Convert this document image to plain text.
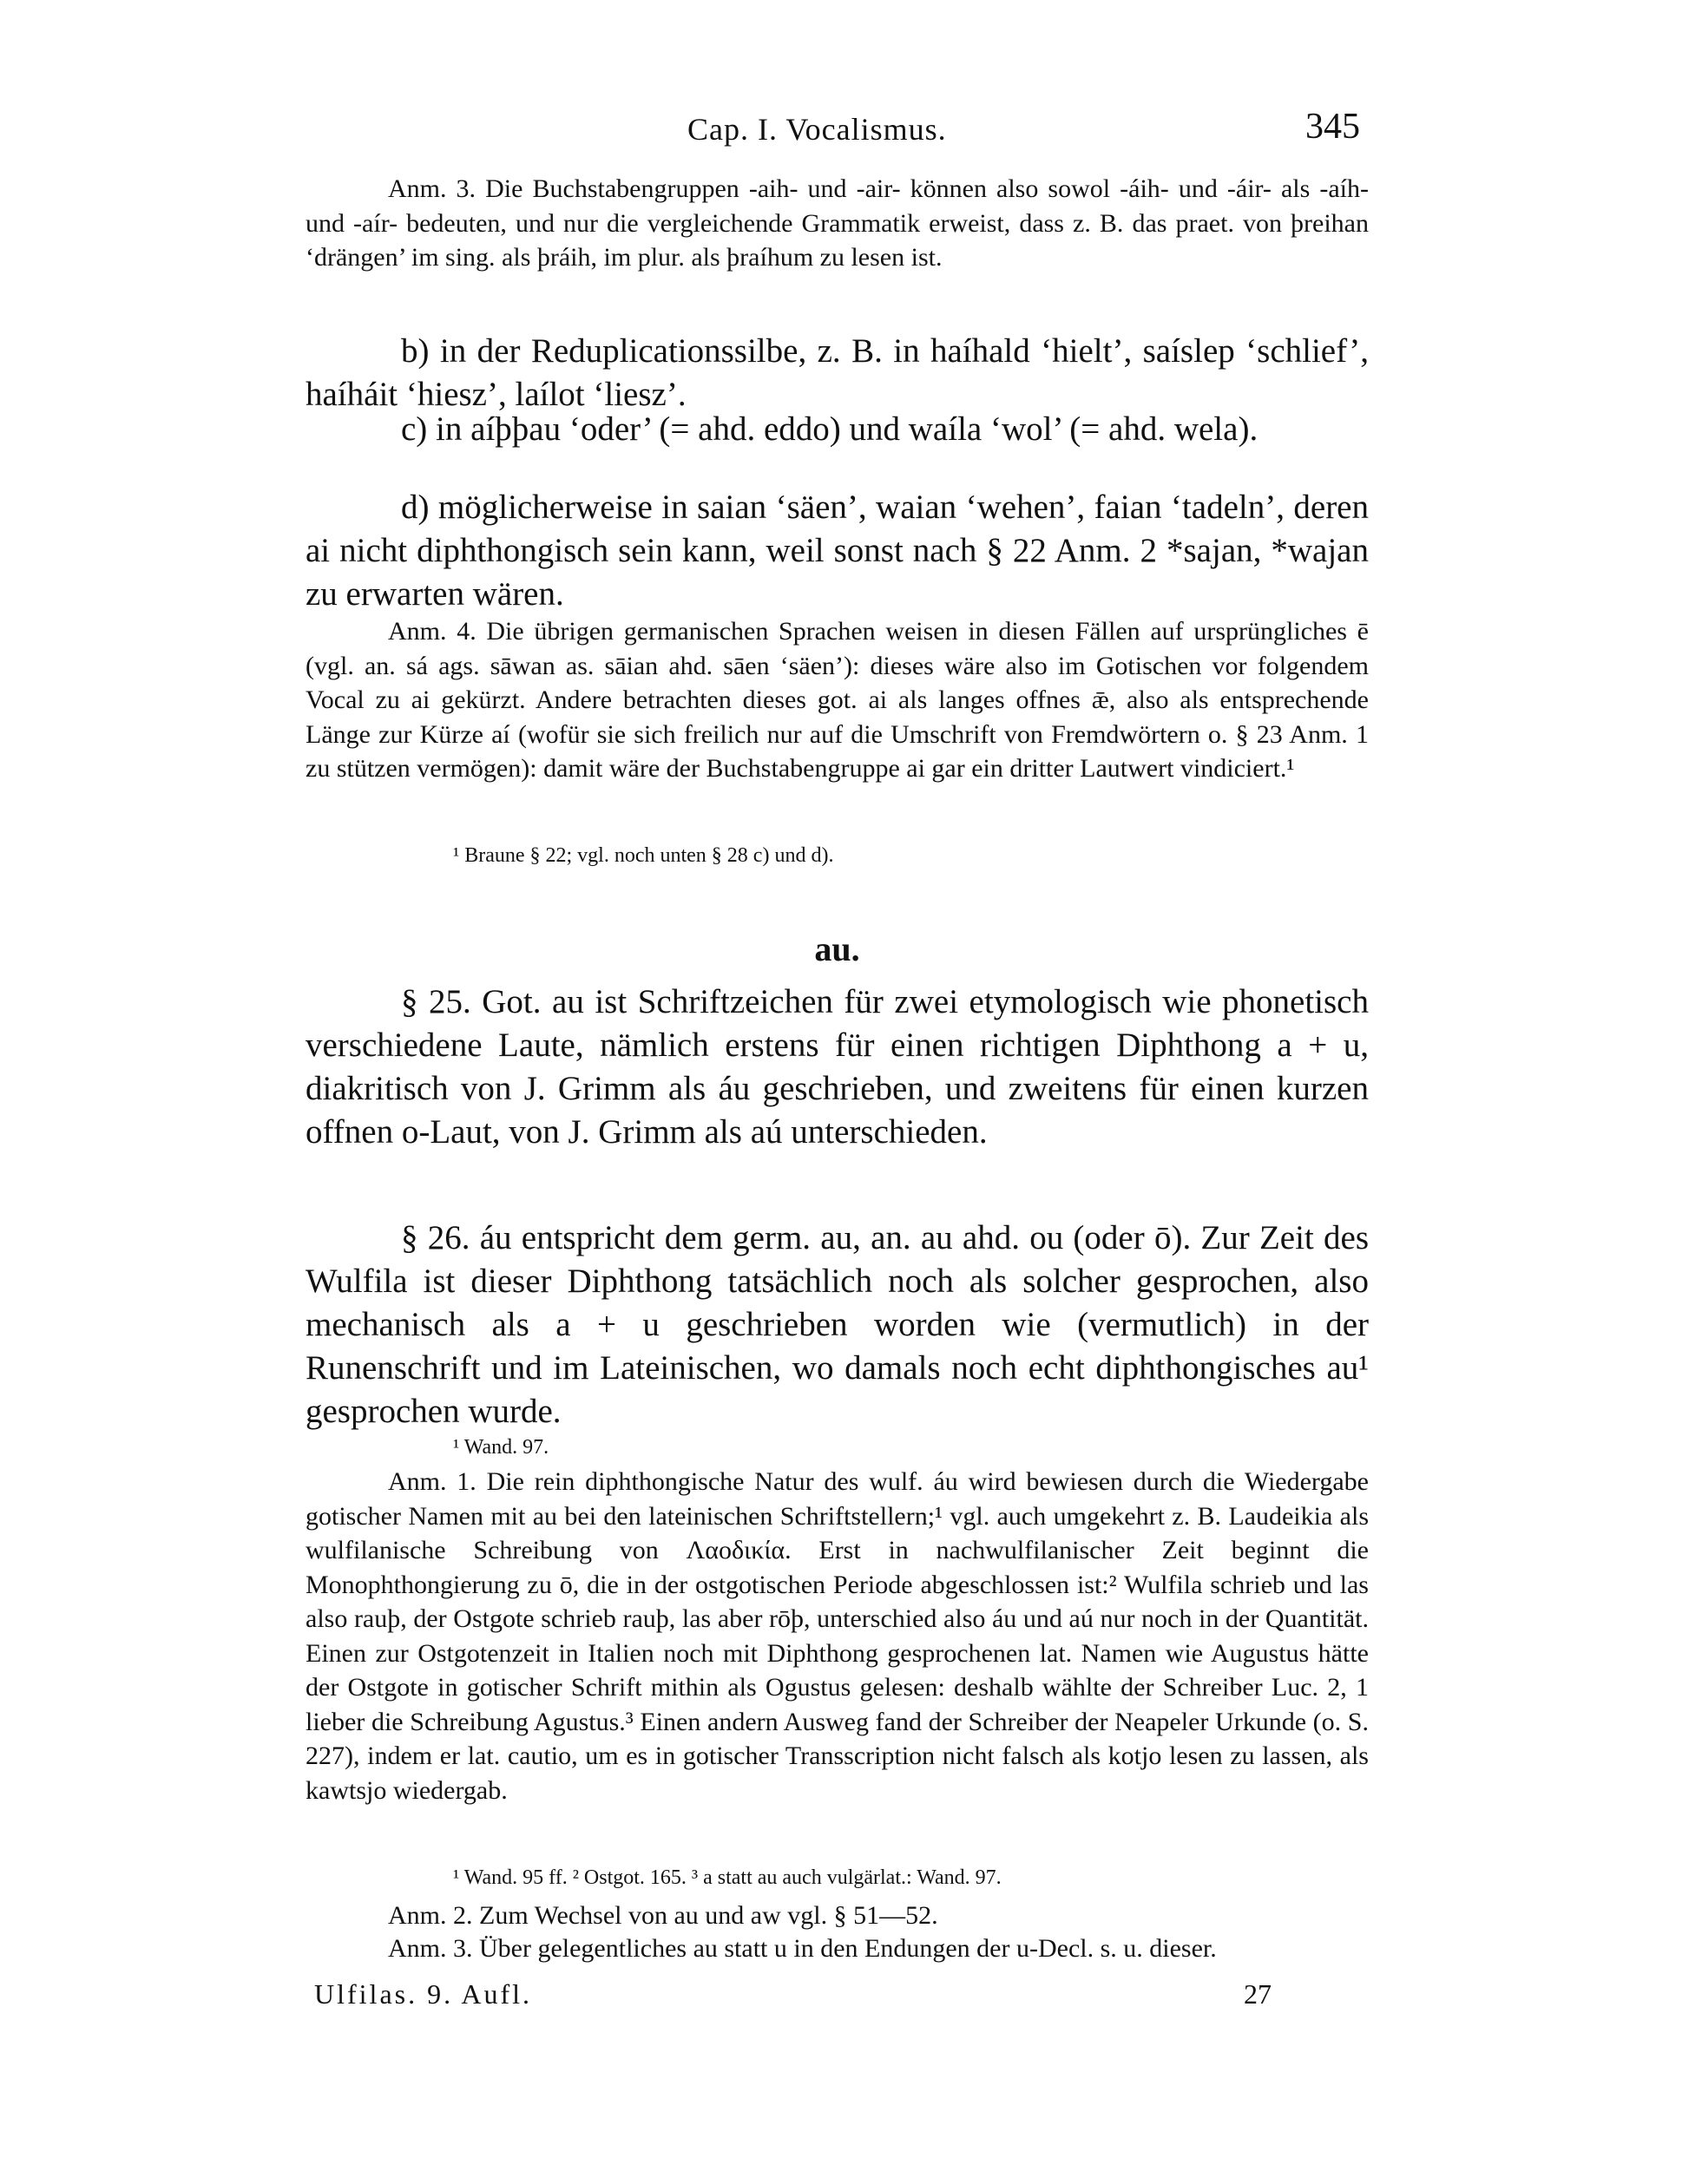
Cap. I. Vocalismus.	345

Anm. 3. Die Buchstabengruppen -aih- und -air- können also sowol -áih- und -áir- als -aíh- und -aír- bedeuten, und nur die vergleichende Grammatik erweist, dass z. B. das praet. von þreihan ‘drängen’ im sing. als þráih, im plur. als þraíhum zu lesen ist.

b) in der Reduplicationssilbe, z. B. in haíhald ‘hielt’, saíslep ‘schlief’, haíháit ‘hiesz’, laílot ‘liesz’.

c) in aíþþau ‘oder’ (= ahd. eddo) und waíla ‘wol’ (= ahd. wela).

d) möglicherweise in saian ‘säen’, waian ‘wehen’, faian ‘tadeln’, deren ai nicht diphthongisch sein kann, weil sonst nach § 22 Anm. 2 *sajan, *wajan zu erwarten wären.

Anm. 4. Die übrigen germanischen Sprachen weisen in diesen Fällen auf ursprüngliches ē (vgl. an. sá ags. sāwan as. sāian ahd. sāen ‘säen’): dieses wäre also im Gotischen vor folgendem Vocal zu ai gekürzt. Andere betrachten dieses got. ai als langes offnes ǣ, also als entsprechende Länge zur Kürze aí (wofür sie sich freilich nur auf die Umschrift von Fremdwörtern o. § 23 Anm. 1 zu stützen vermögen): damit wäre der Buchstabengruppe ai gar ein dritter Lautwert vindiciert.¹

¹ Braune § 22; vgl. noch unten § 28 c) und d).

au.

§ 25. Got. au ist Schriftzeichen für zwei etymologisch wie phonetisch verschiedene Laute, nämlich erstens für einen richtigen Diphthong a + u, diakritisch von J. Grimm als áu geschrieben, und zweitens für einen kurzen offnen o-Laut, von J. Grimm als aú unterschieden.

§ 26. áu entspricht dem germ. au, an. au ahd. ou (oder ō). Zur Zeit des Wulfila ist dieser Diphthong tatsächlich noch als solcher gesprochen, also mechanisch als a + u geschrieben worden wie (vermutlich) in der Runenschrift und im Lateinischen, wo damals noch echt diphthongisches au¹ gesprochen wurde.

¹ Wand. 97.

Anm. 1. Die rein diphthongische Natur des wulf. áu wird bewiesen durch die Wiedergabe gotischer Namen mit au bei den lateinischen Schriftstellern;¹ vgl. auch umgekehrt z. B. Laudeikia als wulfilanische Schreibung von Λαοδικία. Erst in nachwulfilanischer Zeit beginnt die Monophthongierung zu ō, die in der ostgotischen Periode abgeschlossen ist:² Wulfila schrieb und las also rauþ, der Ostgote schrieb rauþ, las aber rōþ, unterschied also áu und aú nur noch in der Quantität. Einen zur Ostgotenzeit in Italien noch mit Diphthong gesprochenen lat. Namen wie Augustus hätte der Ostgote in gotischer Schrift mithin als Ogustus gelesen: deshalb wählte der Schreiber Luc. 2, 1 lieber die Schreibung Agustus.³ Einen andern Ausweg fand der Schreiber der Neapeler Urkunde (o. S. 227), indem er lat. cautio, um es in gotischer Transscription nicht falsch als kotjo lesen zu lassen, als kawtsjo wiedergab.

¹ Wand. 95 ff. ² Ostgot. 165. ³ a statt au auch vulgärlat.: Wand. 97.

Anm. 2. Zum Wechsel von au und aw vgl. § 51—52.

Anm. 3. Über gelegentliches au statt u in den Endungen der u-Decl. s. u. dieser.

Ulfilas. 9. Aufl.	27
